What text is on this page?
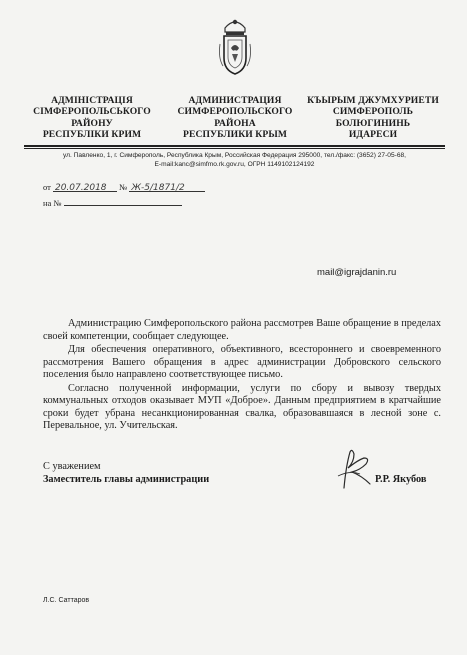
АДМІНІСТРАЦІЯ
СІМФЕРОПОЛЬСЬКОГО
РАЙОНУ
РЕСПУБЛІКИ КРИМ
АДМИНИСТРАЦИЯ
СИМФЕРОПОЛЬСКОГО
РАЙОНА
РЕСПУБЛИКИ КРЫМ
КЪЫРЫМ ДЖУМХУРИЕТИ
СИМФЕРОПОЛЬ
БОЛЮГИНИНЬ
ИДАРЕСИ
ул. Павленко, 1, г. Симферополь, Республика Крым, Российская Федерация 295000, тел./факс: (3652) 27-05-68,
E-mail:kanc@simfmo.rk.gov.ru, ОГРН 1149102124192
от 20.07.2018 № Ж-5/1871/2
на №
mail@igrajdanin.ru

Администрацию Симферопольского района рассмотрев Ваше обращение в пределах своей компетенции, сообщает следующее.

Для обеспечения оперативного, объективного, всестороннего и своевременного рассмотрения Вашего обращения в адрес администрации Добровского сельского поселения было направлено соответствующее письмо.

Согласно полученной информации, услуги по сбору и вывозу твердых коммунальных отходов оказывает МУП «Доброе». Данным предприятием в кратчайшие сроки будет убрана несанкционированная свалка, образовавшаяся в лесной зоне с. Перевальное, ул. Учительская.

С уважением
Заместитель главы администрации	Р.Р. Якубов
Л.С. Саттаров
